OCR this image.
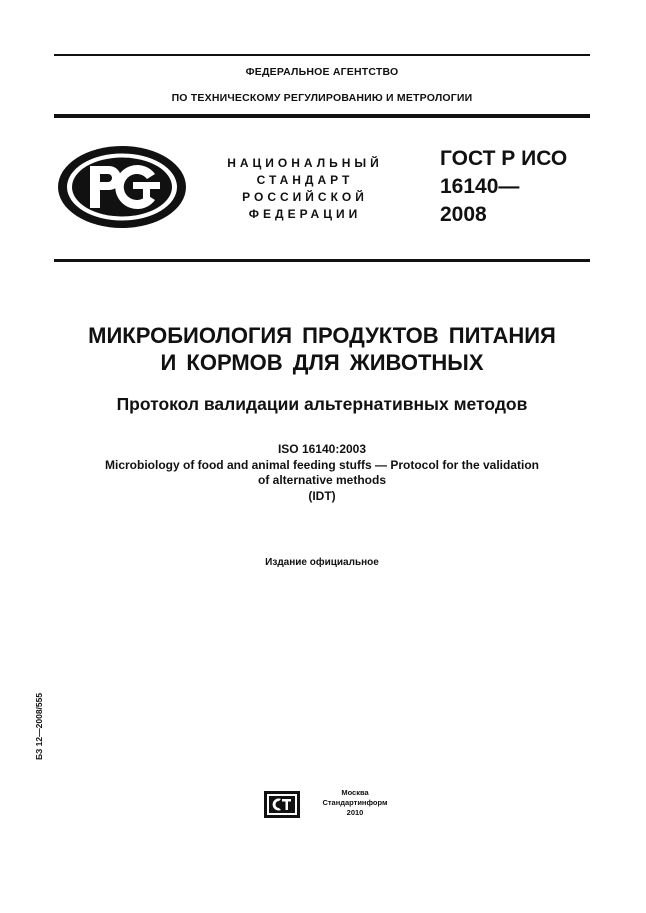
ФЕДЕРАЛЬНОЕ АГЕНТСТВО
ПО ТЕХНИЧЕСКОМУ РЕГУЛИРОВАНИЮ И МЕТРОЛОГИИ
НАЦИОНАЛЬНЫЙ
СТАНДАРТ
РОССИЙСКОЙ
ФЕДЕРАЦИИ
ГОСТ Р ИСО
16140—
2008
МИКРОБИОЛОГИЯ ПРОДУКТОВ ПИТАНИЯ
И КОРМОВ ДЛЯ ЖИВОТНЫХ
Протокол валидации альтернативных методов
ISO 16140:2003
Microbiology of food and animal feeding stuffs — Protocol for the validation
of alternative methods
(IDT)
Издание официальное
БЗ 12—2008/555
Москва
Стандартинформ
2010
